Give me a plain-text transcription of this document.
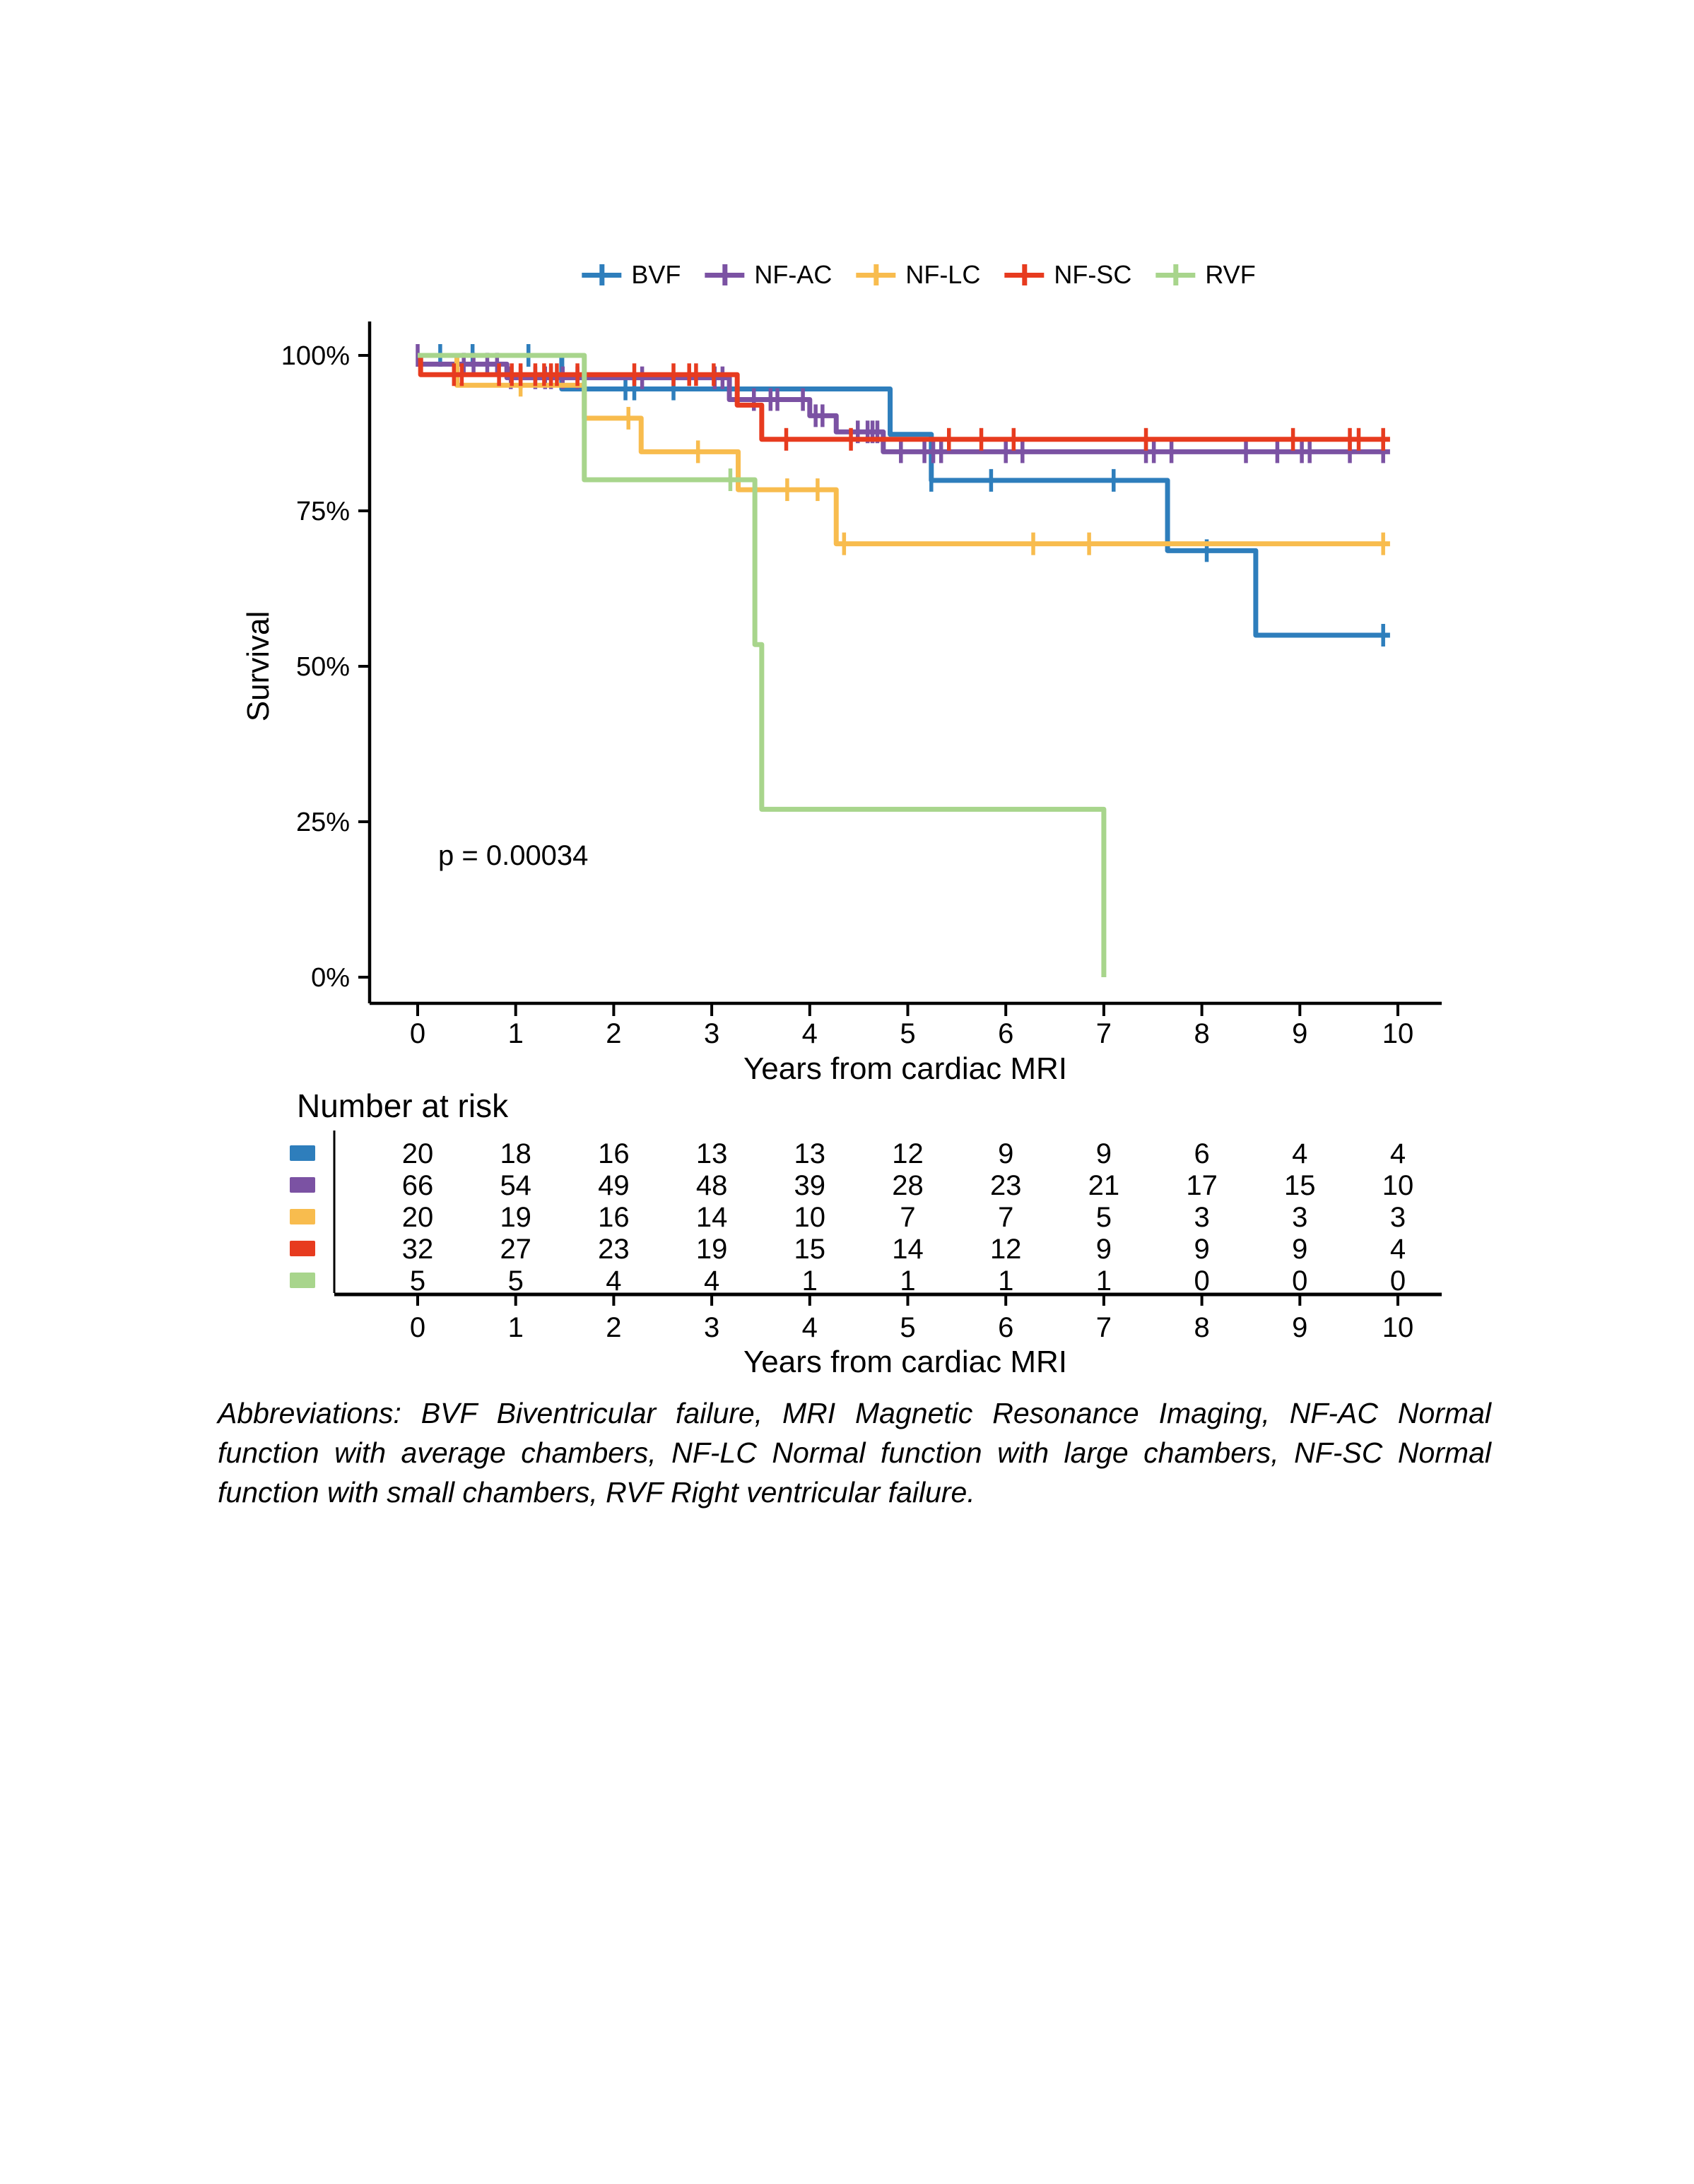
BVF	NF-AC	NF-LC	NF-SC	RVF
100%
75%
50%
25%
0%
0	1	2	3	4	5	6	7	8	9	10
Years from cardiac MRI
Survival
p = 0.00034
Number at risk
20 18 16 13 13 12	9	9	6	4	4
66 54 49 48 39 28 23 21 17 15 10
20 19 16 14 10	7	7	5	3	3	3
32 27 23 19 15 14 12	9	9	9	4
5	5	4	4	1	1	1	1	0	0	0
0	1	2	3	4	5	6	7	8	9	10
Years from cardiac MRI

Abbreviations: BVF Biventricular failure, MRI Magnetic Resonance Imaging, NF-AC Normal function with average chambers, NF-LC Normal function with large chambers, NF-SC Normal function with small chambers, RVF Right ventricular failure.
